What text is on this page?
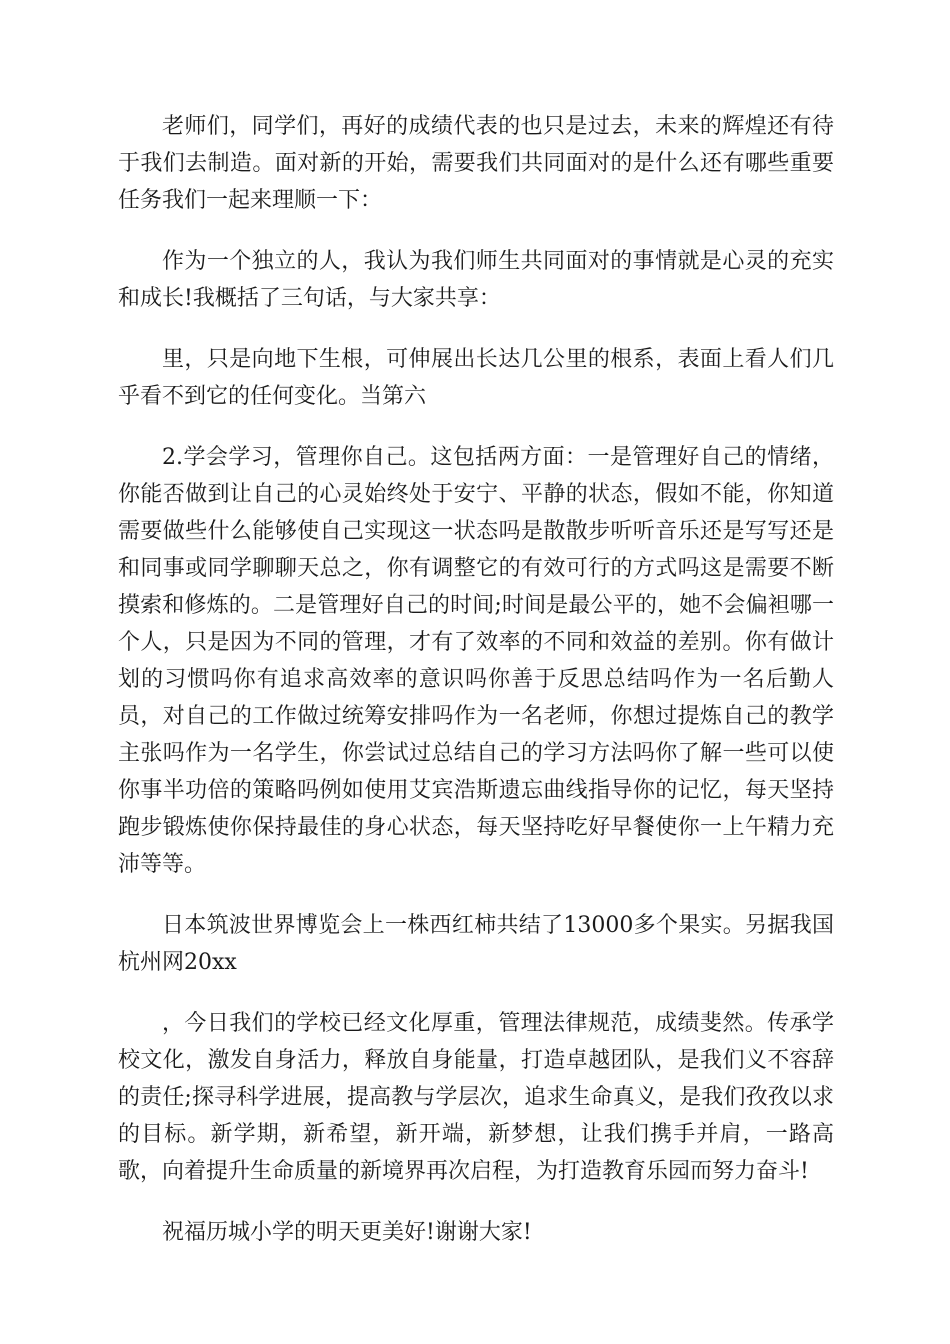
老师们，同学们，再好的成绩代表的也只是过去，未来的辉煌还有待于我们去制造。面对新的开始，需要我们共同面对的是什么还有哪些重要任务我们一起来理顺一下：

作为一个独立的人，我认为我们师生共同面对的事情就是心灵的充实和成长!我概括了三句话，与大家共享：

里，只是向地下生根，可伸展出长达几公里的根系，表面上看人们几乎看不到它的任何变化。当第六

2.学会学习，管理你自己。这包括两方面：一是管理好自己的情绪，你能否做到让自己的心灵始终处于安宁、平静的状态，假如不能，你知道需要做些什么能够使自己实现这一状态吗是散散步听听音乐还是写写还是和同事或同学聊聊天总之，你有调整它的有效可行的方式吗这是需要不断摸索和修炼的。二是管理好自己的时间;时间是最公平的，她不会偏袒哪一个人，只是因为不同的管理，才有了效率的不同和效益的差别。你有做计划的习惯吗你有追求高效率的意识吗你善于反思总结吗作为一名后勤人员，对自己的工作做过统筹安排吗作为一名老师，你想过提炼自己的教学主张吗作为一名学生，你尝试过总结自己的学习方法吗你了解一些可以使你事半功倍的策略吗例如使用艾宾浩斯遗忘曲线指导你的记忆，每天坚持跑步锻炼使你保持最佳的身心状态，每天坚持吃好早餐使你一上午精力充沛等等。

日本筑波世界博览会上一株西红柿共结了13000多个果实。另据我国杭州网20xx

，今日我们的学校已经文化厚重，管理法律规范，成绩斐然。传承学校文化，激发自身活力，释放自身能量，打造卓越团队，是我们义不容辞的责任;探寻科学进展，提高教与学层次，追求生命真义，是我们孜孜以求的目标。新学期，新希望，新开端，新梦想，让我们携手并肩，一路高歌，向着提升生命质量的新境界再次启程，为打造教育乐园而努力奋斗!

祝福历城小学的明天更美好!谢谢大家!
